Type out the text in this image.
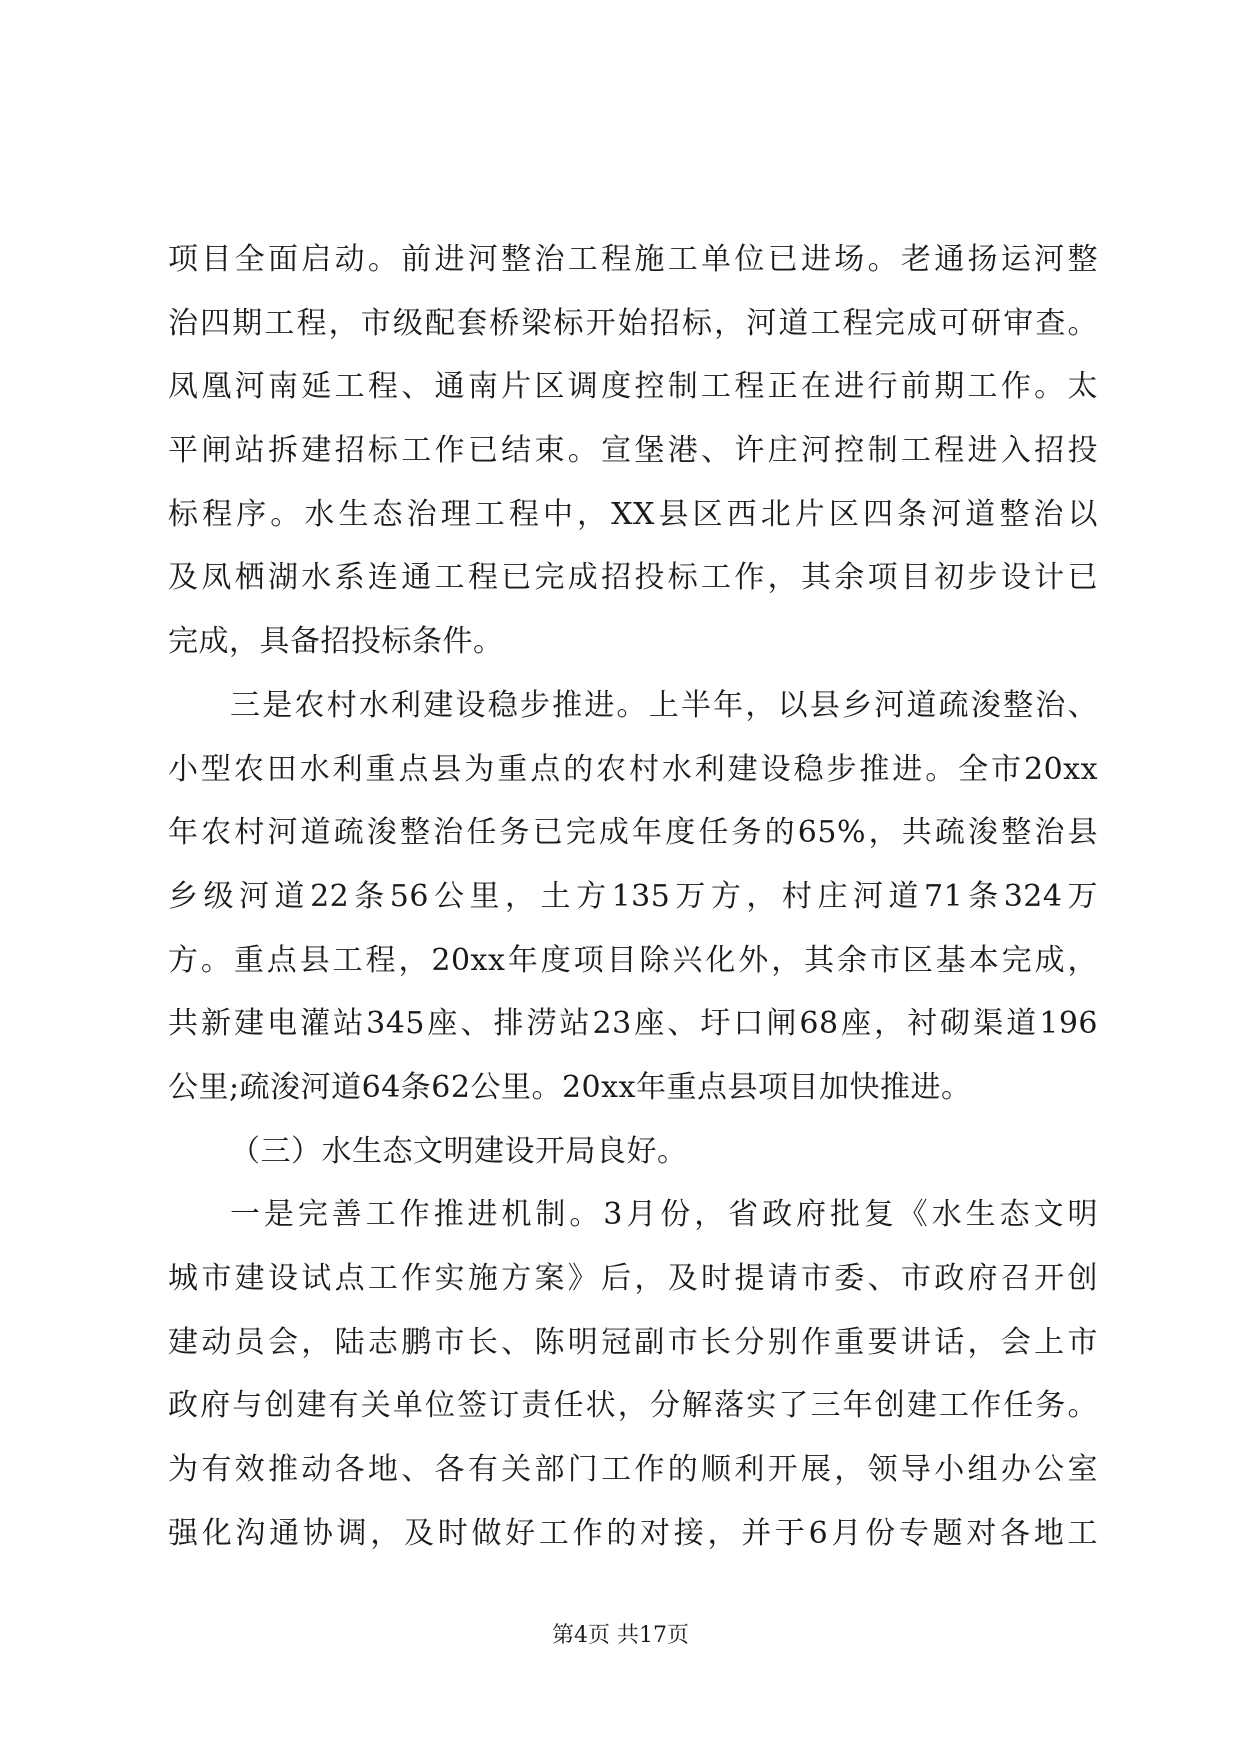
项目全面启动。前进河整治工程施工单位已进场。老通扬运河整
治四期工程，市级配套桥梁标开始招标，河道工程完成可研审查。
凤凰河南延工程、通南片区调度控制工程正在进行前期工作。太
平闸站拆建招标工作已结束。宣堡港、许庄河控制工程进入招投
标程序。水生态治理工程中，XX县区西北片区四条河道整治以
及凤栖湖水系连通工程已完成招投标工作，其余项目初步设计已
完成，具备招投标条件。
三是农村水利建设稳步推进。上半年，以县乡河道疏浚整治、
小型农田水利重点县为重点的农村水利建设稳步推进。全市20xx
年农村河道疏浚整治任务已完成年度任务的65%，共疏浚整治县
乡级河道22条56公里，土方135万方，村庄河道71条324万
方。重点县工程，20xx年度项目除兴化外，其余市区基本完成，
共新建电灌站345座、排涝站23座、圩口闸68座，衬砌渠道196
公里;疏浚河道64条62公里。20xx年重点县项目加快推进。
（三）水生态文明建设开局良好。
一是完善工作推进机制。3月份，省政府批复《水生态文明
城市建设试点工作实施方案》后，及时提请市委、市政府召开创
建动员会，陆志鹏市长、陈明冠副市长分别作重要讲话，会上市
政府与创建有关单位签订责任状，分解落实了三年创建工作任务。
为有效推动各地、各有关部门工作的顺利开展，领导小组办公室
强化沟通协调，及时做好工作的对接，并于6月份专题对各地工
第4页 共17页
